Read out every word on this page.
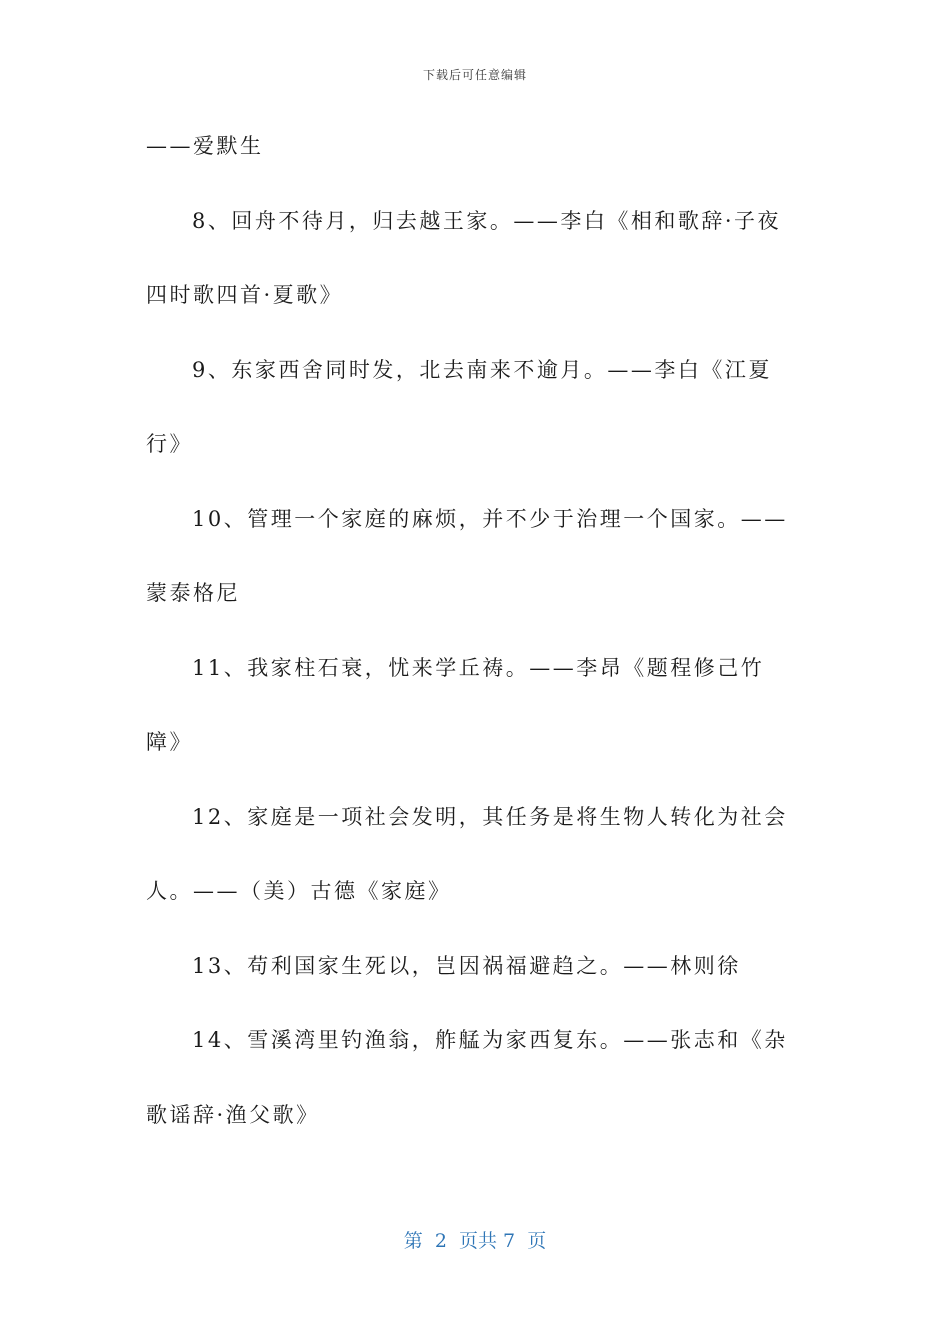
下载后可任意编辑
——爱默生
8、回舟不待月，归去越王家。——李白《相和歌辞·子夜
四时歌四首·夏歌》
9、东家西舍同时发，北去南来不逾月。——李白《江夏
行》
10、管理一个家庭的麻烦，并不少于治理一个国家。——
蒙泰格尼
11、我家柱石衰，忧来学丘祷。——李昂《题程修己竹
障》
12、家庭是一项社会发明，其任务是将生物人转化为社会
人。——（美）古德《家庭》
13、苟利国家生死以，岂因祸福避趋之。——林则徐
14、雪溪湾里钓渔翁，舴艋为家西复东。——张志和《杂
歌谣辞·渔父歌》
第  2  页共 7  页
